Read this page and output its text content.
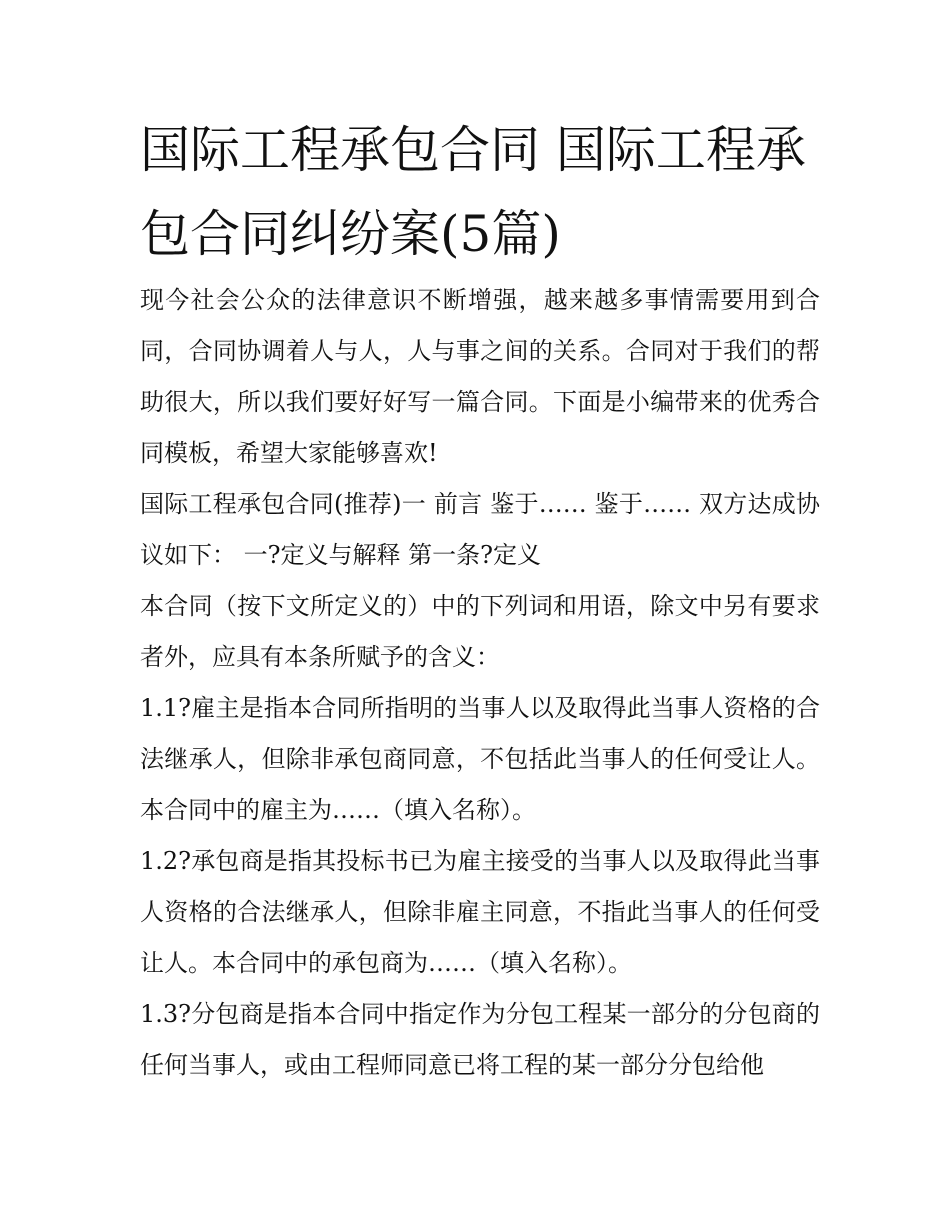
国际工程承包合同 国际工程承包合同纠纷案(5篇)

现今社会公众的法律意识不断增强，越来越多事情需要用到合同，合同协调着人与人，人与事之间的关系。合同对于我们的帮助很大，所以我们要好好写一篇合同。下面是小编带来的优秀合同模板，希望大家能够喜欢!

国际工程承包合同(推荐)一 前言 鉴于…… 鉴于…… 双方达成协议如下： 一?定义与解释 第一条?定义

本合同（按下文所定义的）中的下列词和用语，除文中另有要求者外，应具有本条所赋予的含义：

1.1?雇主是指本合同所指明的当事人以及取得此当事人资格的合法继承人，但除非承包商同意，不包括此当事人的任何受让人。本合同中的雇主为……（填入名称）。

1.2?承包商是指其投标书已为雇主接受的当事人以及取得此当事人资格的合法继承人，但除非雇主同意，不指此当事人的任何受让人。本合同中的承包商为……（填入名称）。

1.3?分包商是指本合同中指定作为分包工程某一部分的分包商的任何当事人，或由工程师同意已将工程的某一部分分包给他
